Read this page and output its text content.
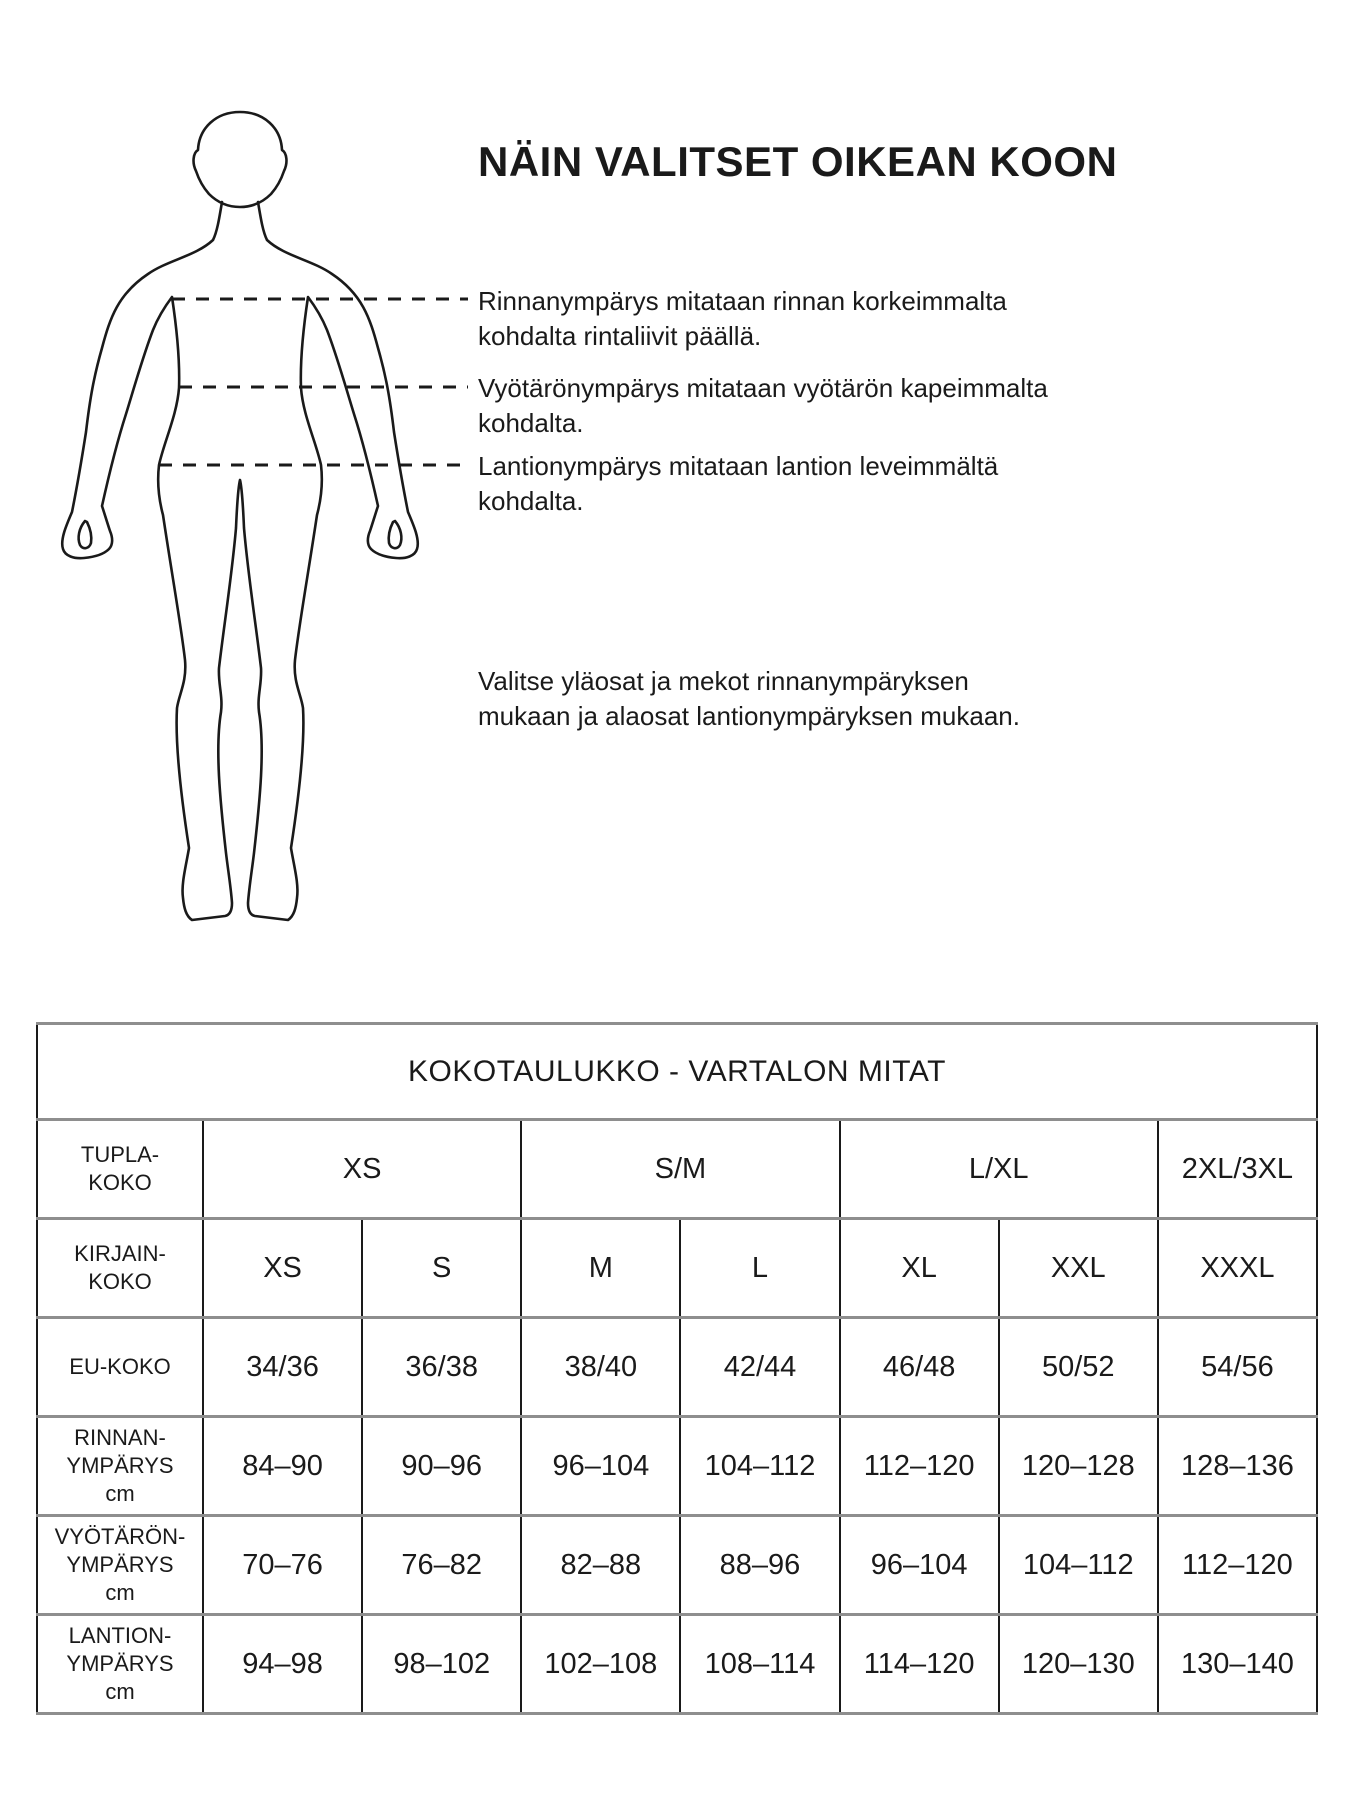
NÄIN VALITSET OIKEAN KOON
Rinnanympärys mitataan rinnan korkeimmalta
kohdalta rintaliivit päällä.
Vyötärönympärys mitataan vyötärön kapeimmalta
kohdalta.
Lantionympärys mitataan lantion leveimmältä
kohdalta.
Valitse yläosat ja mekot rinnanympäryksen
mukaan ja alaosat lantionympäryksen mukaan.
KOKOTAULUKKO - VARTALON MITAT							

TUPLA-
KOKO	XS		S/M		L/XL		2XL/3XL

KIRJAIN-
KOKO	XS	S	M	L	XL	XXL	XXXL

EU-KOKO	34/36	36/38	38/40	42/44	46/48	50/52	54/56

RINNAN-
YMPÄRYS
cm	84–90	90–96	96–104	104–112	112–120	120–128	128–136

VYÖTÄRÖN-
YMPÄRYS
cm	70–76	76–82	82–88	88–96	96–104	104–112	112–120

LANTION-
YMPÄRYS
cm	94–98	98–102	102–108	108–114	114–120	120–130	130–140
